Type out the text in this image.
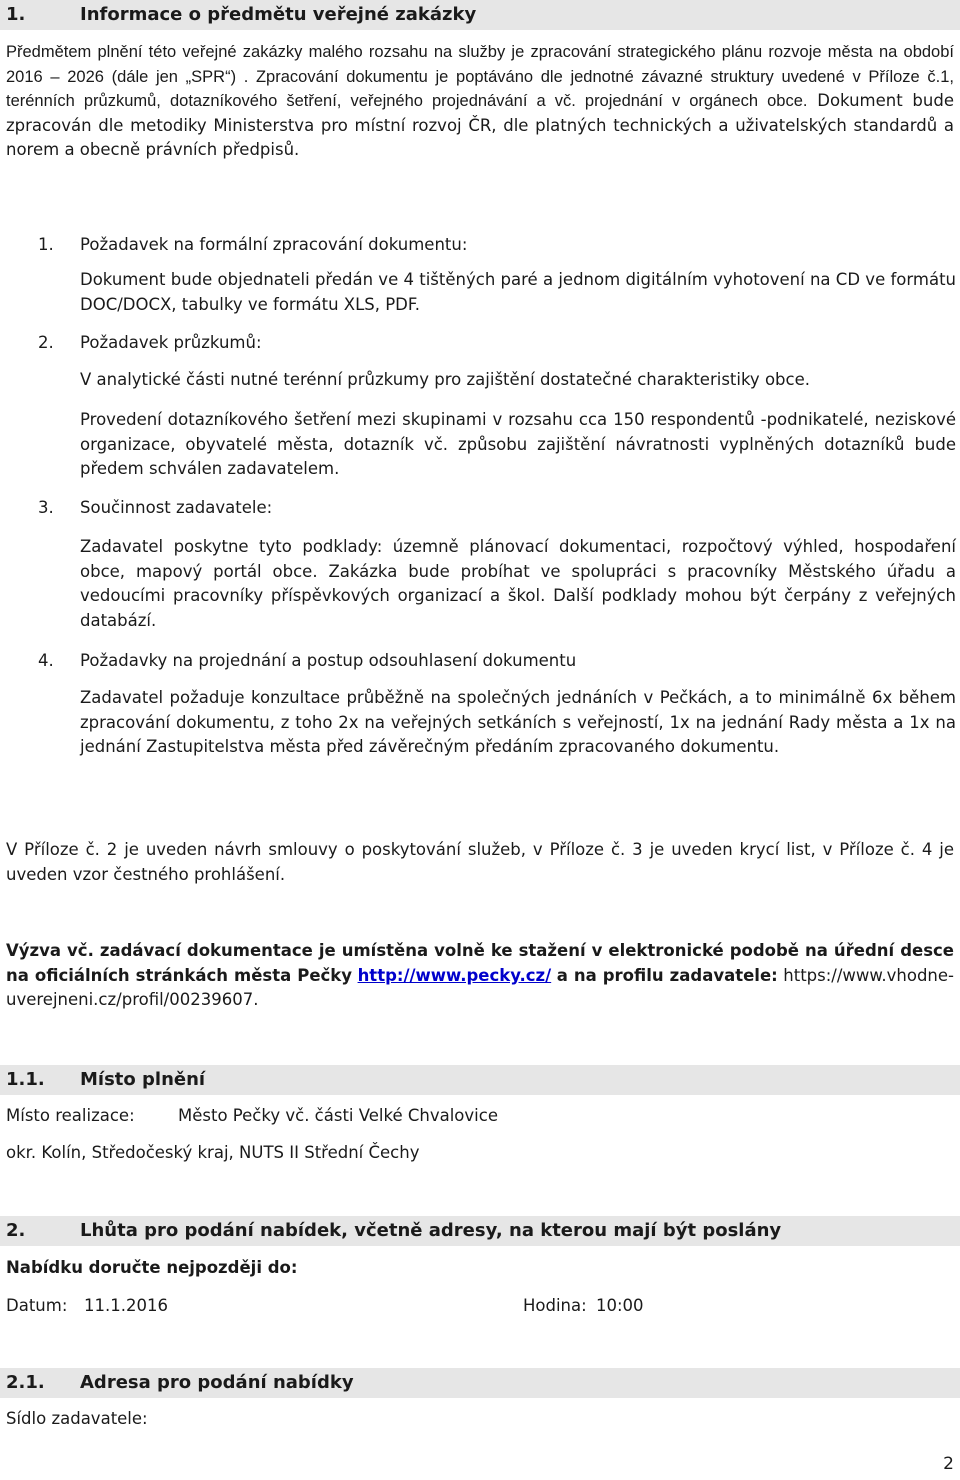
1.	Informace o předmětu veřejné zakázky
Předmětem plnění této veřejné zakázky malého rozsahu na služby je zpracování strategického plánu rozvoje města na období 2016 – 2026 (dále jen „SPR“) . Zpracování dokumentu je poptáváno dle jednotné závazné struktury uvedené v Příloze č.1, terénních průzkumů, dotazníkového šetření, veřejného projednávání a vč. projednání v orgánech obce. Dokument bude zpracován dle metodiky Ministerstva pro místní rozvoj ČR, dle platných technických a uživatelských standardů a norem a obecně právních předpisů.
1. Požadavek na formální zpracování dokumentu:
Dokument bude objednateli předán ve 4 tištěných paré a jednom digitálním vyhotovení na CD ve formátu DOC/DOCX, tabulky ve formátu XLS, PDF.
2. Požadavek průzkumů:
V analytické části nutné terénní průzkumy pro zajištění dostatečné charakteristiky obce.
Provedení dotazníkového šetření mezi skupinami v rozsahu cca 150 respondentů -podnikatelé, neziskové organizace, obyvatelé města, dotazník vč. způsobu zajištění návratnosti vyplněných dotazníků bude předem schválen zadavatelem.
3. Součinnost zadavatele:
Zadavatel poskytne tyto podklady: územně plánovací dokumentaci, rozpočtový výhled, hospodaření obce, mapový portál obce. Zakázka bude probíhat ve spolupráci s pracovníky Městského úřadu a vedoucími pracovníky příspěvkových organizací a škol. Další podklady mohou být čerpány z veřejných databází.
4. Požadavky na projednání a postup odsouhlasení dokumentu
Zadavatel požaduje konzultace průběžně na společných jednáních v Pečkách, a to minimálně 6x během zpracování dokumentu, z toho 2x na veřejných setkáních s veřejností, 1x na jednání Rady města a 1x na jednání Zastupitelstva města před závěrečným předáním zpracovaného dokumentu.
V Příloze č. 2 je uveden návrh smlouvy o poskytování služeb, v Příloze č. 3 je uveden krycí list, v Příloze č. 4 je uveden vzor čestného prohlášení.
Výzva vč. zadávací dokumentace je umístěna volně ke stažení v elektronické podobě na úřední desce na oficiálních stránkách města Pečky http://www.pecky.cz/ a na profilu zadavatele: https://www.vhodne-uverejneni.cz/profil/00239607.
1.1. Místo plnění
Místo realizace:	Město Pečky vč. části Velké Chvalovice
okr. Kolín, Středočeský kraj, NUTS II Střední Čechy
2.	Lhůta pro podání nabídek, včetně adresy, na kterou mají být poslány
Nabídku doručte nejpozději do:
Datum: 11.1.2016	Hodina: 10:00
2.1. Adresa pro podání nabídky
Sídlo zadavatele:
2
